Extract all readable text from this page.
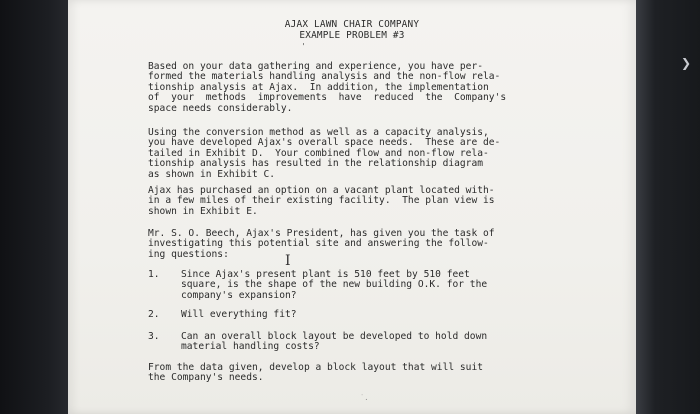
❯
AJAX LAWN CHAIR COMPANY
EXAMPLE PROBLEM #3
'

Based on your data gathering and experience, you have per-
formed the materials handling analysis and the non-flow rela-
tionship analysis at Ajax.  In addition, the implementation
of  your  methods  improvements  have  reduced  the  Company's
space needs considerably.

Using the conversion method as well as a capacity analysis,
you have developed Ajax's overall space needs.  These are de-
tailed in Exhibit D.  Your combined flow and non-flow rela-
tionship analysis has resulted in the relationship diagram
as shown in Exhibit C.

Ajax has purchased an option on a vacant plant located with-
in a few miles of their existing facility.  The plan view is
shown in Exhibit E.

Mr. S. O. Beech, Ajax's President, has given you the task of
investigating this potential site and answering the follow-
ing questions:	I
1. Since Ajax's present plant is 510 feet by 510 feet
square, is the shape of the new building O.K. for the
company's expansion?
2. Will everything fit?
3. Can an overall block layout be developed to hold down
material handling costs?

From the data given, develop a block layout that will suit
the Company's needs.

˙.
